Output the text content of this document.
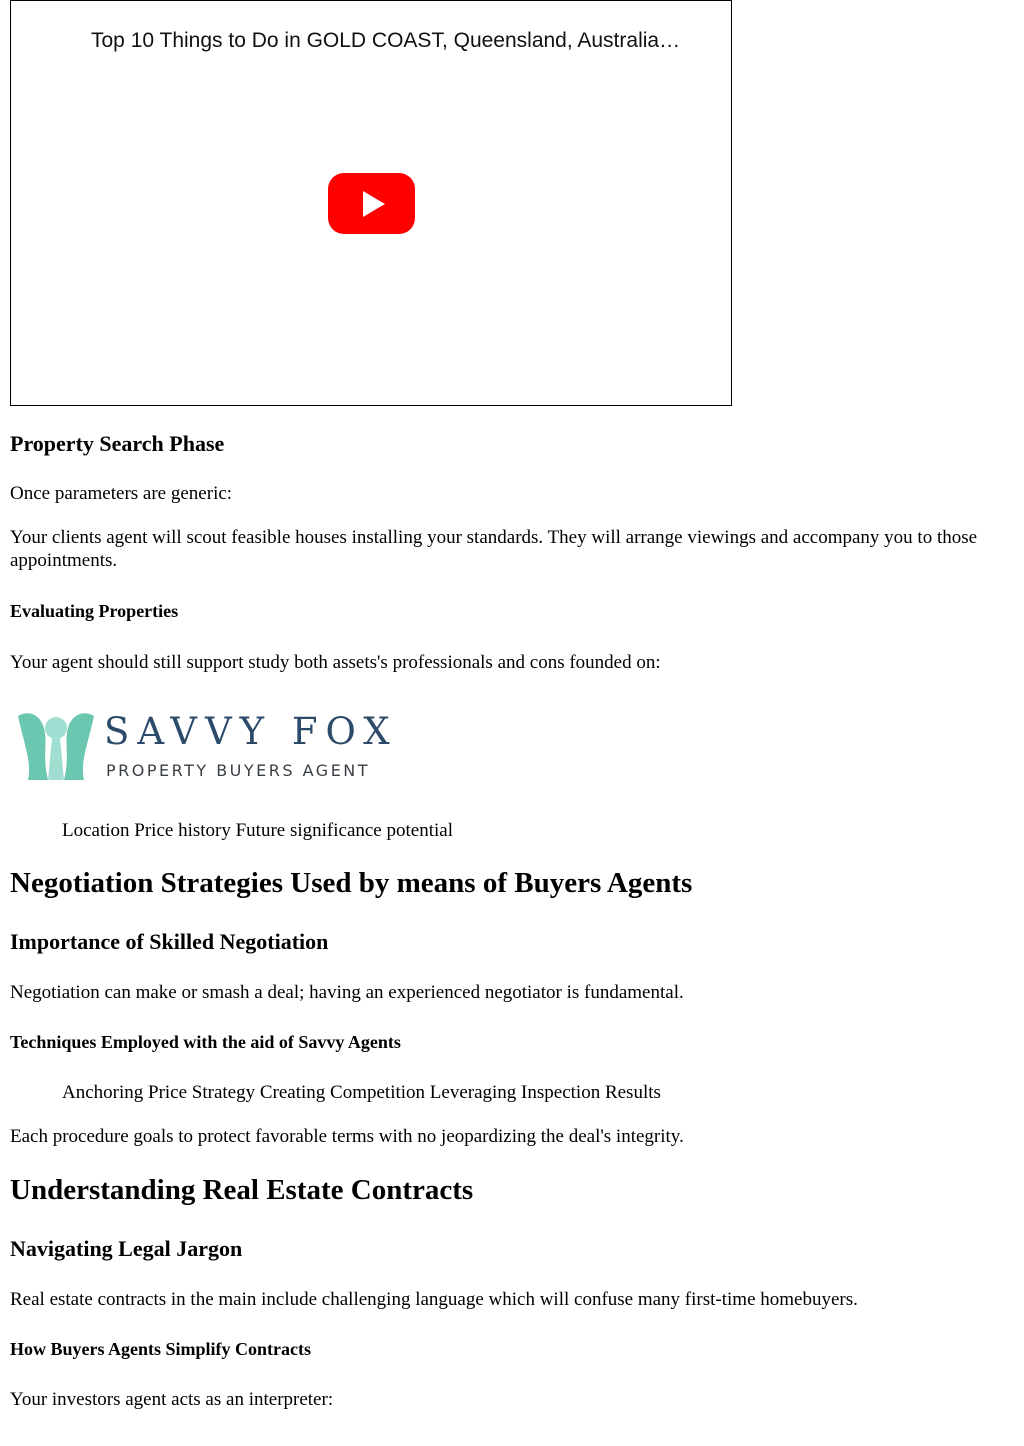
Top 10 Things to Do in GOLD COAST, Queensland, Australia…
Property Search Phase

Once parameters are generic:

Your clients agent will scout feasible houses installing your standards. They will arrange viewings and accompany you to those appointments.

Evaluating Properties

Your agent should still support study both assets's professionals and cons founded on:

SAVVY FOX
PROPERTY BUYERS AGENT

Location Price history Future significance potential

Negotiation Strategies Used by means of Buyers Agents
Importance of Skilled Negotiation

Negotiation can make or smash a deal; having an experienced negotiator is fundamental.

Techniques Employed with the aid of Savvy Agents

Anchoring Price Strategy Creating Competition Leveraging Inspection Results

Each procedure goals to protect favorable terms with no jeopardizing the deal's integrity.

Understanding Real Estate Contracts
Navigating Legal Jargon

Real estate contracts in the main include challenging language which will confuse many first-time homebuyers.

How Buyers Agents Simplify Contracts

Your investors agent acts as an interpreter:
